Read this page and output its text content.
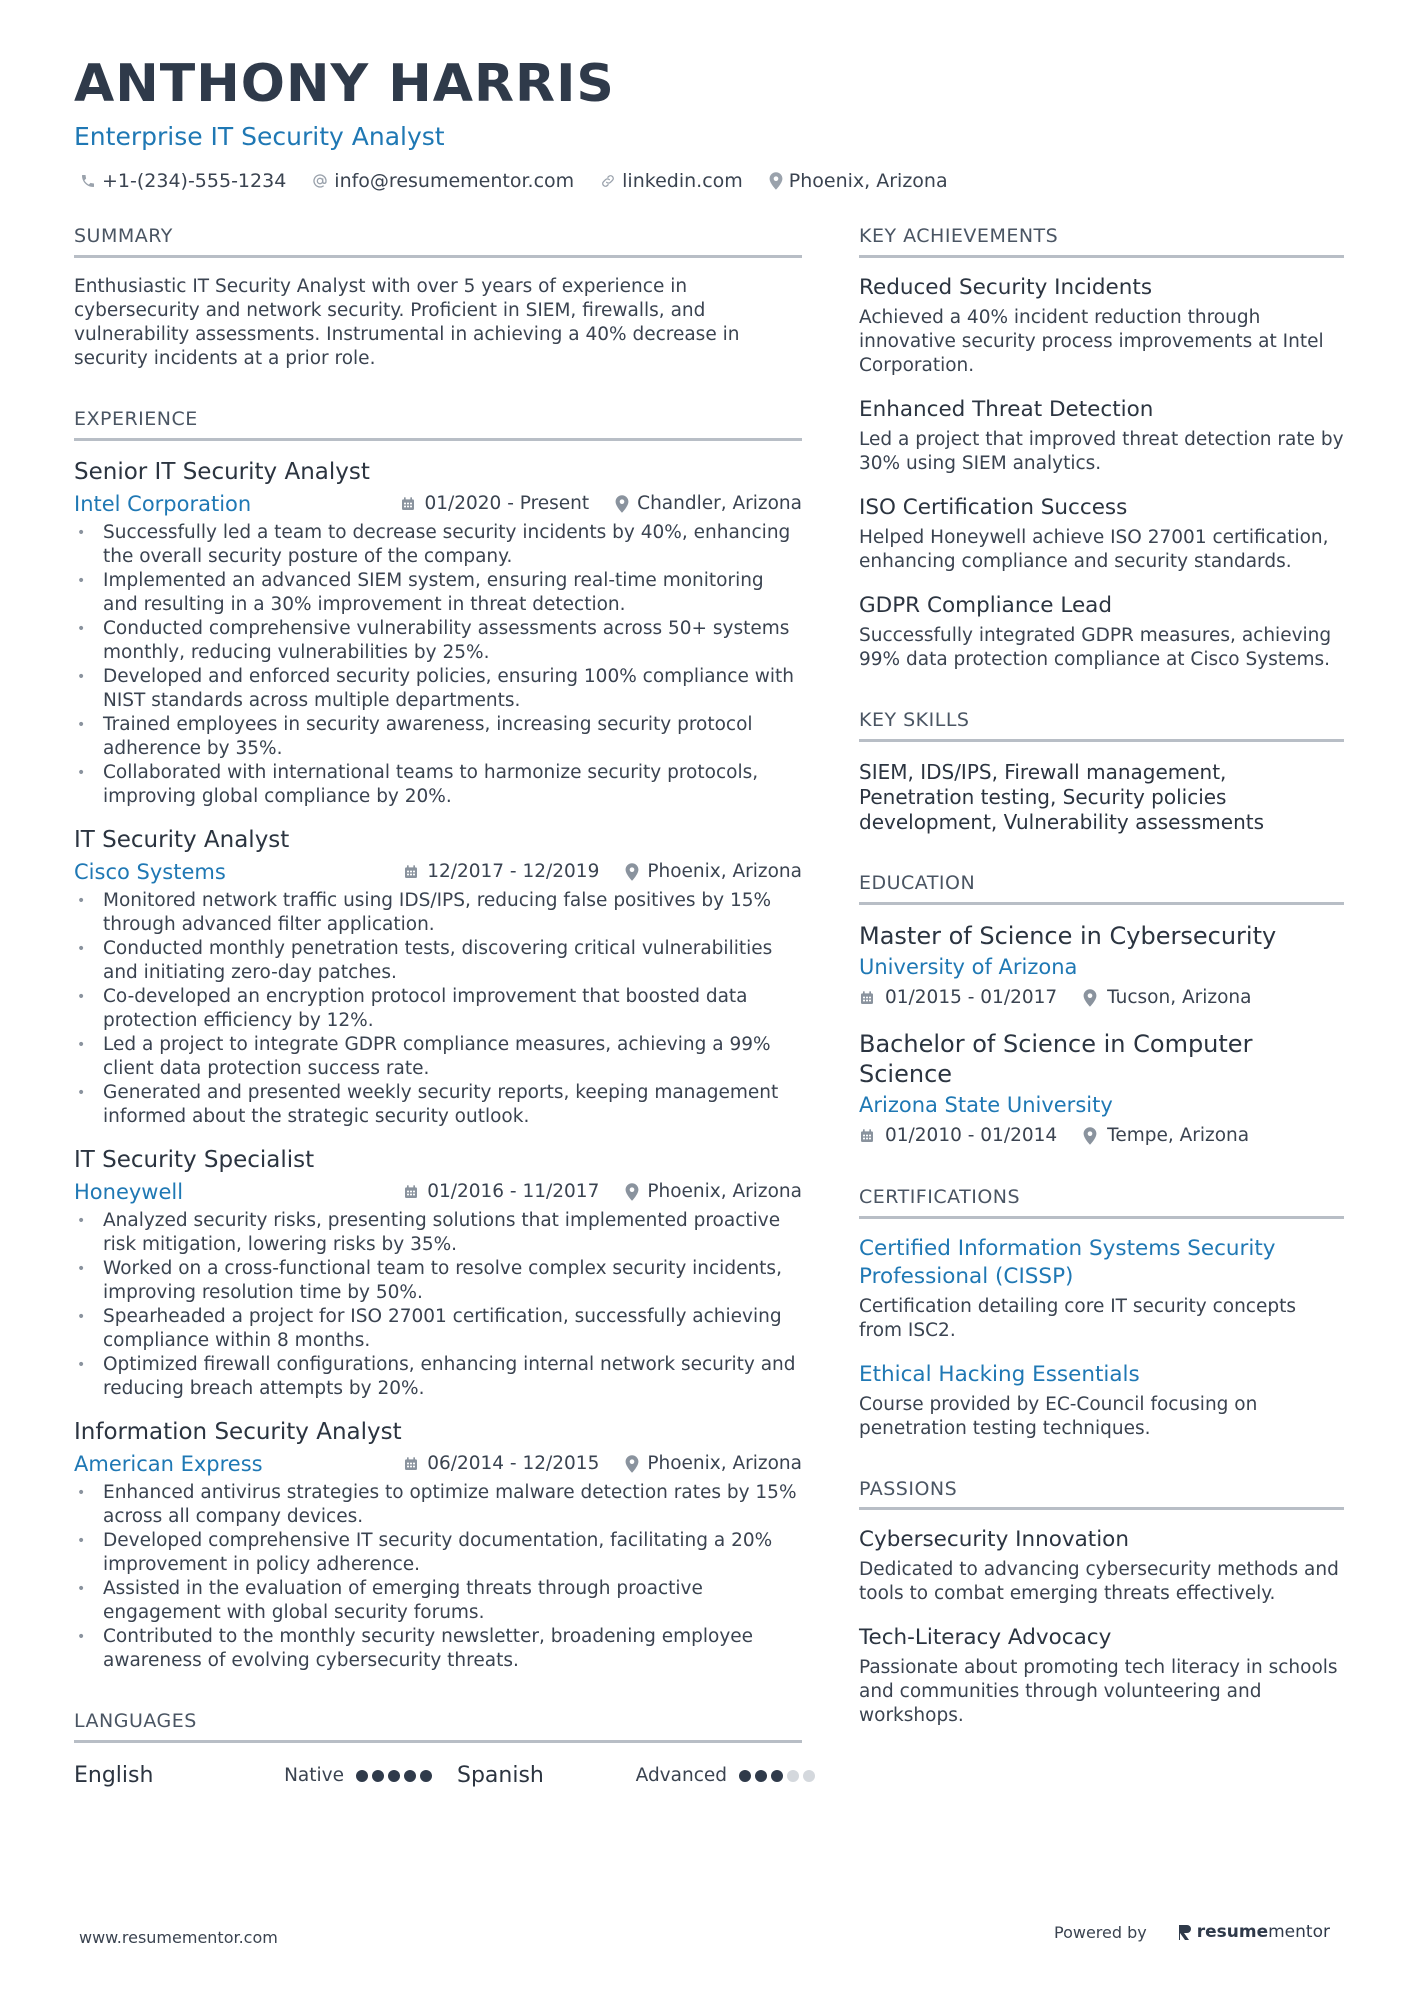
ANTHONY HARRIS
Enterprise IT Security Analyst
+1-(234)-555-1234	info@resumementor.com	linkedin.com Phoenix, Arizona
SUMMARY
Enthusiastic IT Security Analyst with over 5 years of experience in cybersecurity and network security. Proficient in SIEM, firewalls, and vulnerability assessments. Instrumental in achieving a 40% decrease in security incidents at a prior role.
EXPERIENCE
Senior IT Security Analyst
Intel Corporation	01/2020 - Present	Chandler, Arizona
• Successfully led a team to decrease security incidents by 40%, enhancing the overall security posture of the company.
• Implemented an advanced SIEM system, ensuring real-time monitoring and resulting in a 30% improvement in threat detection.
• Conducted comprehensive vulnerability assessments across 50+ systems monthly, reducing vulnerabilities by 25%.
• Developed and enforced security policies, ensuring 100% compliance with NIST standards across multiple departments.
• Trained employees in security awareness, increasing security protocol adherence by 35%.
• Collaborated with international teams to harmonize security protocols, improving global compliance by 20%.
IT Security Analyst
Cisco Systems	12/2017 - 12/2019	Phoenix, Arizona
• Monitored network traffic using IDS/IPS, reducing false positives by 15% through advanced filter application.
• Conducted monthly penetration tests, discovering critical vulnerabilities and initiating zero-day patches.
• Co-developed an encryption protocol improvement that boosted data protection efficiency by 12%.
• Led a project to integrate GDPR compliance measures, achieving a 99% client data protection success rate.
• Generated and presented weekly security reports, keeping management informed about the strategic security outlook.
IT Security Specialist
Honeywell	01/2016 - 11/2017	Phoenix, Arizona
• Analyzed security risks, presenting solutions that implemented proactive risk mitigation, lowering risks by 35%.
• Worked on a cross-functional team to resolve complex security incidents, improving resolution time by 50%.
• Spearheaded a project for ISO 27001 certification, successfully achieving compliance within 8 months.
• Optimized firewall configurations, enhancing internal network security and reducing breach attempts by 20%.
Information Security Analyst
American Express	06/2014 - 12/2015	Phoenix, Arizona
• Enhanced antivirus strategies to optimize malware detection rates by 15% across all company devices.
• Developed comprehensive IT security documentation, facilitating a 20% improvement in policy adherence.
• Assisted in the evaluation of emerging threats through proactive engagement with global security forums.
• Contributed to the monthly security newsletter, broadening employee awareness of evolving cybersecurity threats.
LANGUAGES
English	Native	Spanish	Advanced
KEY ACHIEVEMENTS
Reduced Security Incidents
Achieved a 40% incident reduction through innovative security process improvements at Intel Corporation.
Enhanced Threat Detection
Led a project that improved threat detection rate by 30% using SIEM analytics.
ISO Certification Success
Helped Honeywell achieve ISO 27001 certification, enhancing compliance and security standards.
GDPR Compliance Lead
Successfully integrated GDPR measures, achieving 99% data protection compliance at Cisco Systems.
KEY SKILLS
SIEM, IDS/IPS, Firewall management, Penetration testing, Security policies development, Vulnerability assessments
EDUCATION
Master of Science in Cybersecurity
University of Arizona
01/2015 - 01/2017	Tucson, Arizona
Bachelor of Science in Computer Science
Arizona State University
01/2010 - 01/2014	Tempe, Arizona
CERTIFICATIONS
Certified Information Systems Security Professional (CISSP)
Certification detailing core IT security concepts from ISC2.
Ethical Hacking Essentials
Course provided by EC-Council focusing on penetration testing techniques.
PASSIONS
Cybersecurity Innovation
Dedicated to advancing cybersecurity methods and tools to combat emerging threats effectively.
Tech-Literacy Advocacy
Passionate about promoting tech literacy in schools and communities through volunteering and workshops.
www.resumementor.com	Powered by	resume mentor
